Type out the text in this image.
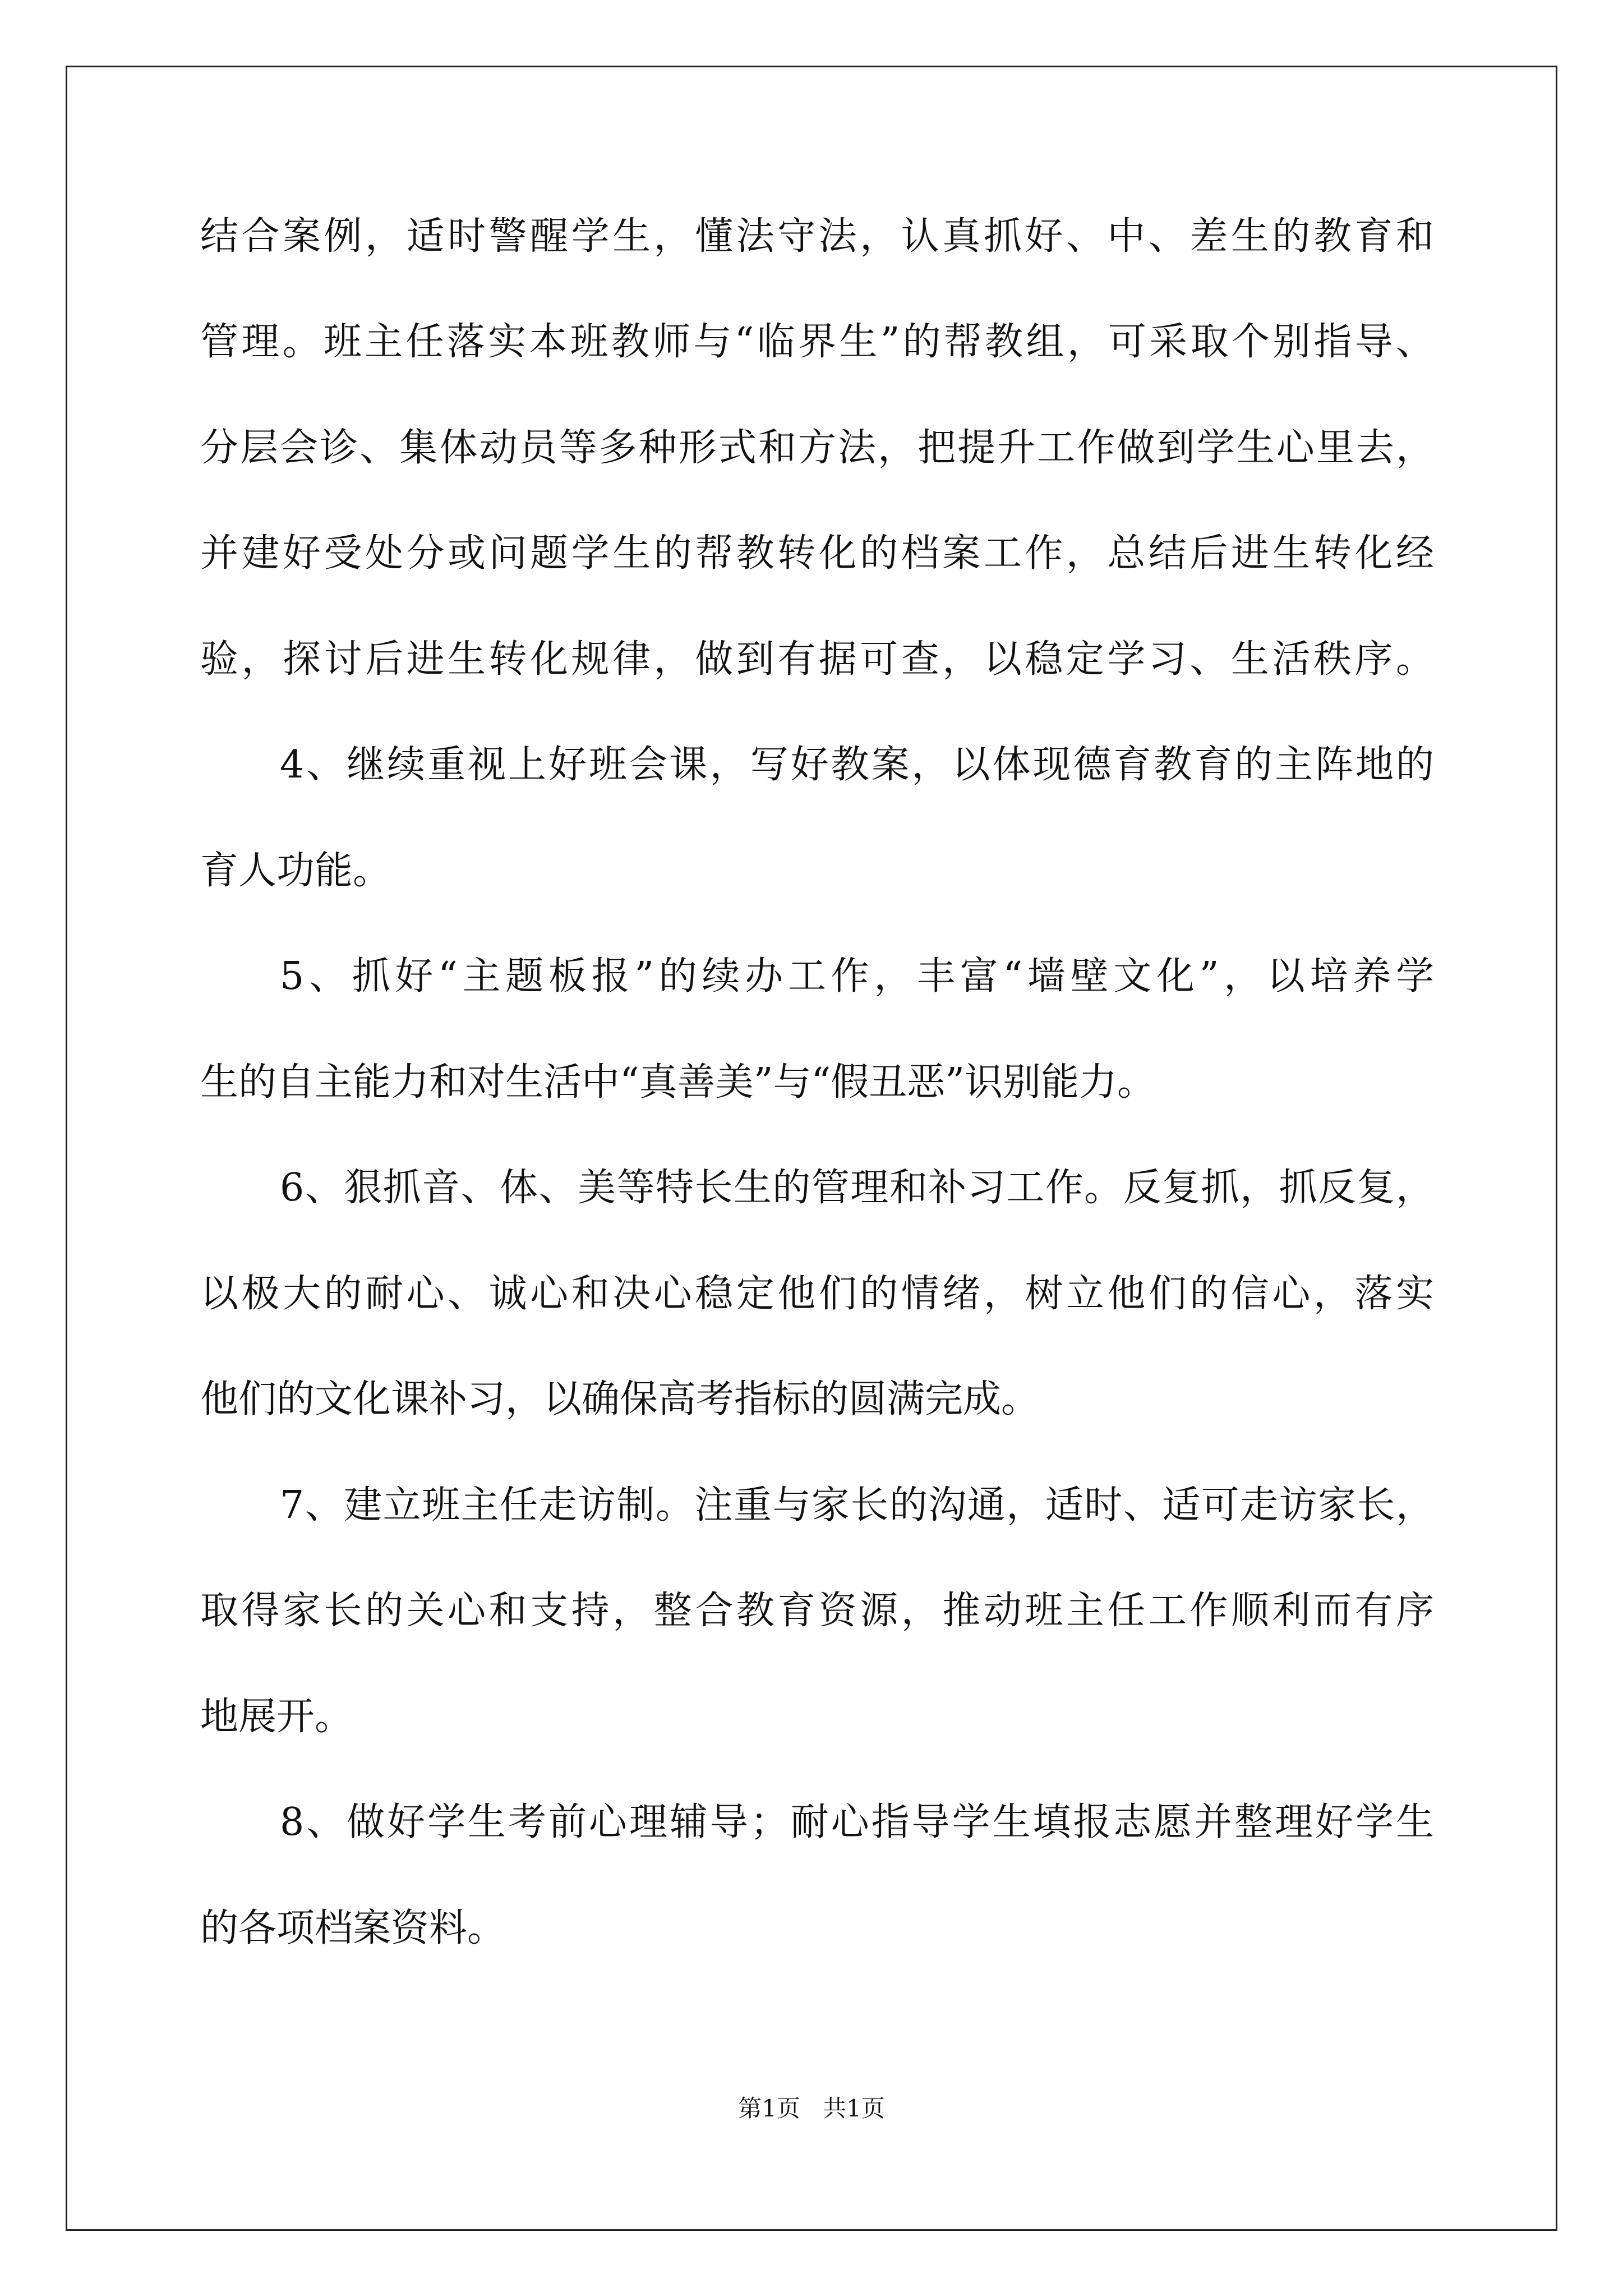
结合案例，适时警醒学生，懂法守法，认真抓好、中、差生的教育和
管理。班主任落实本班教师与“临界生”的帮教组，可采取个别指导、
分层会诊、集体动员等多种形式和方法，把提升工作做到学生心里去，
并建好受处分或问题学生的帮教转化的档案工作，总结后进生转化经
验，探讨后进生转化规律，做到有据可查，以稳定学习、生活秩序。
4、继续重视上好班会课，写好教案，以体现德育教育的主阵地的
育人功能。
5、抓好“主题板报”的续办工作，丰富“墙壁文化”，以培养学
生的自主能力和对生活中“真善美”与“假丑恶”识别能力。
6、狠抓音、体、美等特长生的管理和补习工作。反复抓，抓反复，
以极大的耐心、诚心和决心稳定他们的情绪，树立他们的信心，落实
他们的文化课补习，以确保高考指标的圆满完成。
7、建立班主任走访制。注重与家长的沟通，适时、适可走访家长，
取得家长的关心和支持，整合教育资源，推动班主任工作顺利而有序
地展开。
8、做好学生考前心理辅导；耐心指导学生填报志愿并整理好学生
的各项档案资料。
第1页 共1页
